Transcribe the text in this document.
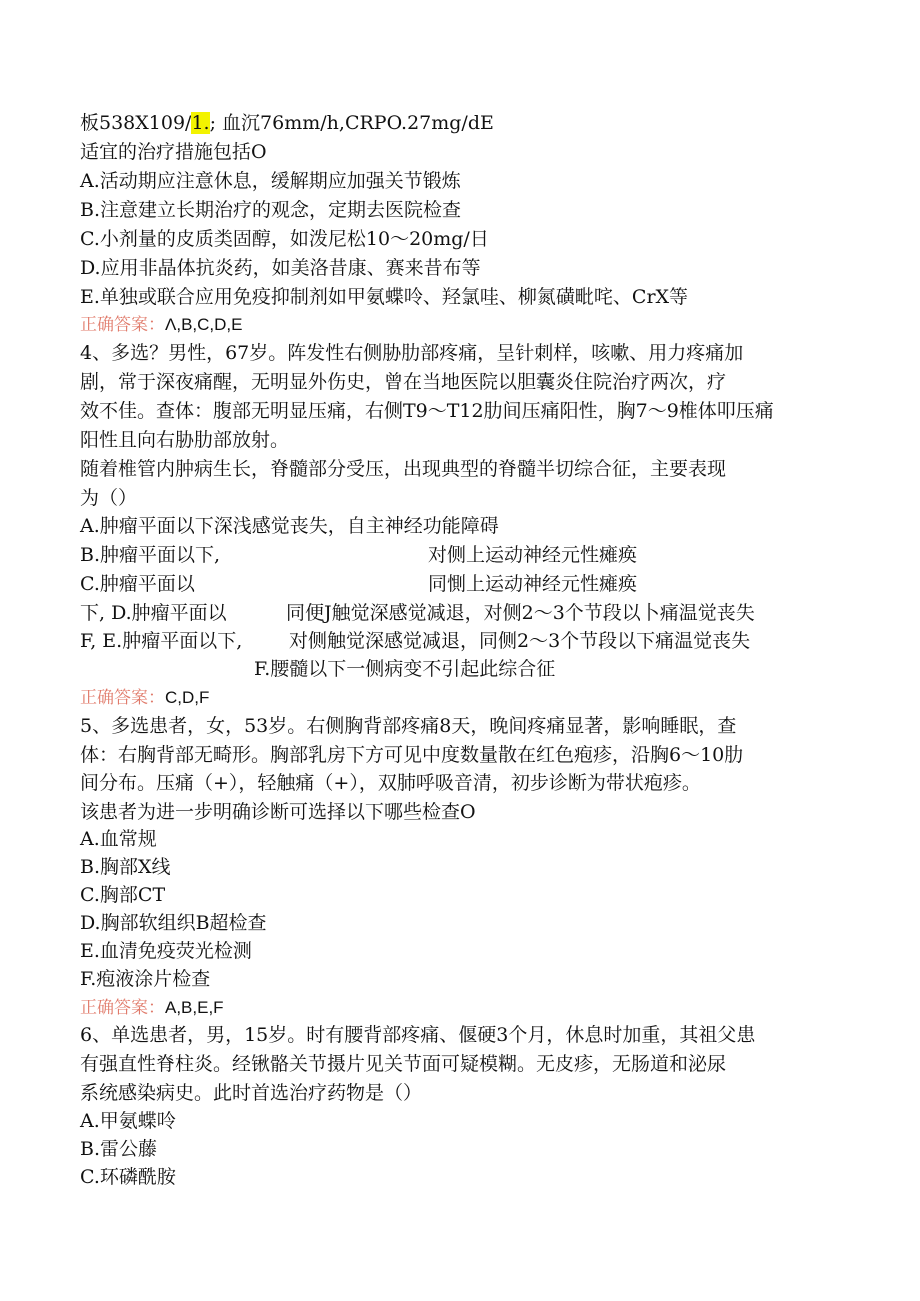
板538X109/1.; 血沉76mm/h,CRPO.27mg/dE
适宜的治疗措施包括O
A.活动期应注意休息，缓解期应加强关节锻炼
B.注意建立长期治疗的观念，定期去医院检查
C.小剂量的皮质类固醇，如泼尼松10〜20mg/日
D.应用非晶体抗炎药，如美洛昔康、赛来昔布等
E.单独或联合应用免疫抑制剂如甲氨蝶呤、羟氯哇、柳氮磺毗咤、CrX等
正确答案：Λ,B,C,D,E
4、多选？男性，67岁。阵发性右侧胁肋部疼痛，呈针刺样，咳嗽、用力疼痛加
剧，常于深夜痛醒，无明显外伤史，曾在当地医院以胆囊炎住院治疗两次，疗
效不佳。查体：腹部无明显压痛，右侧T9〜T12肋间压痛阳性，胸7〜9椎体叩压痛
阳性且向右胁肋部放射。
随着椎管内肿病生长，脊髓部分受压，出现典型的脊髓半切综合征，主要表现
为（）
A.肿瘤平面以下深浅感觉丧失，自主神经功能障碍
B.肿瘤平面以下,	对侧上运动神经元性瘫痪
C.肿瘤平面以	同惻上运动神经元性瘫痪
下, D.肿瘤平面以	同便J触觉深感觉减退，对侧2〜3个节段以卜痛温觉丧失
F, E.肿瘤平面以下, 对侧触觉深感觉减退，同侧2〜3个节段以下痛温觉丧失
F.腰髓以下一侧病变不引起此综合征
正确答案：C,D,F
5、多选患者，女，53岁。右侧胸背部疼痛8天，晚间疼痛显著，影响睡眠，查
体：右胸背部无畸形。胸部乳房下方可见中度数量散在红色疱疹，沿胸6〜10肋
间分布。压痛（+），轻触痛（+），双肺呼吸音清，初步诊断为带状疱疹。
该患者为进一步明确诊断可选择以下哪些检查O
A.血常规
B.胸部X线
C.胸部CT
D.胸部软组织B超检查
E.血清免疫荧光检测
F.疱液涂片检查
正确答案：A,B,E,F
6、单选患者，男，15岁。时有腰背部疼痛、偃硬3个月，休息时加重，其祖父患
有强直性脊柱炎。经锹骼关节摄片见关节面可疑模糊。无皮疹，无肠道和泌尿
系统感染病史。此时首选治疗药物是（）
A.甲氨蝶呤
B.雷公藤
C.环磷酰胺
